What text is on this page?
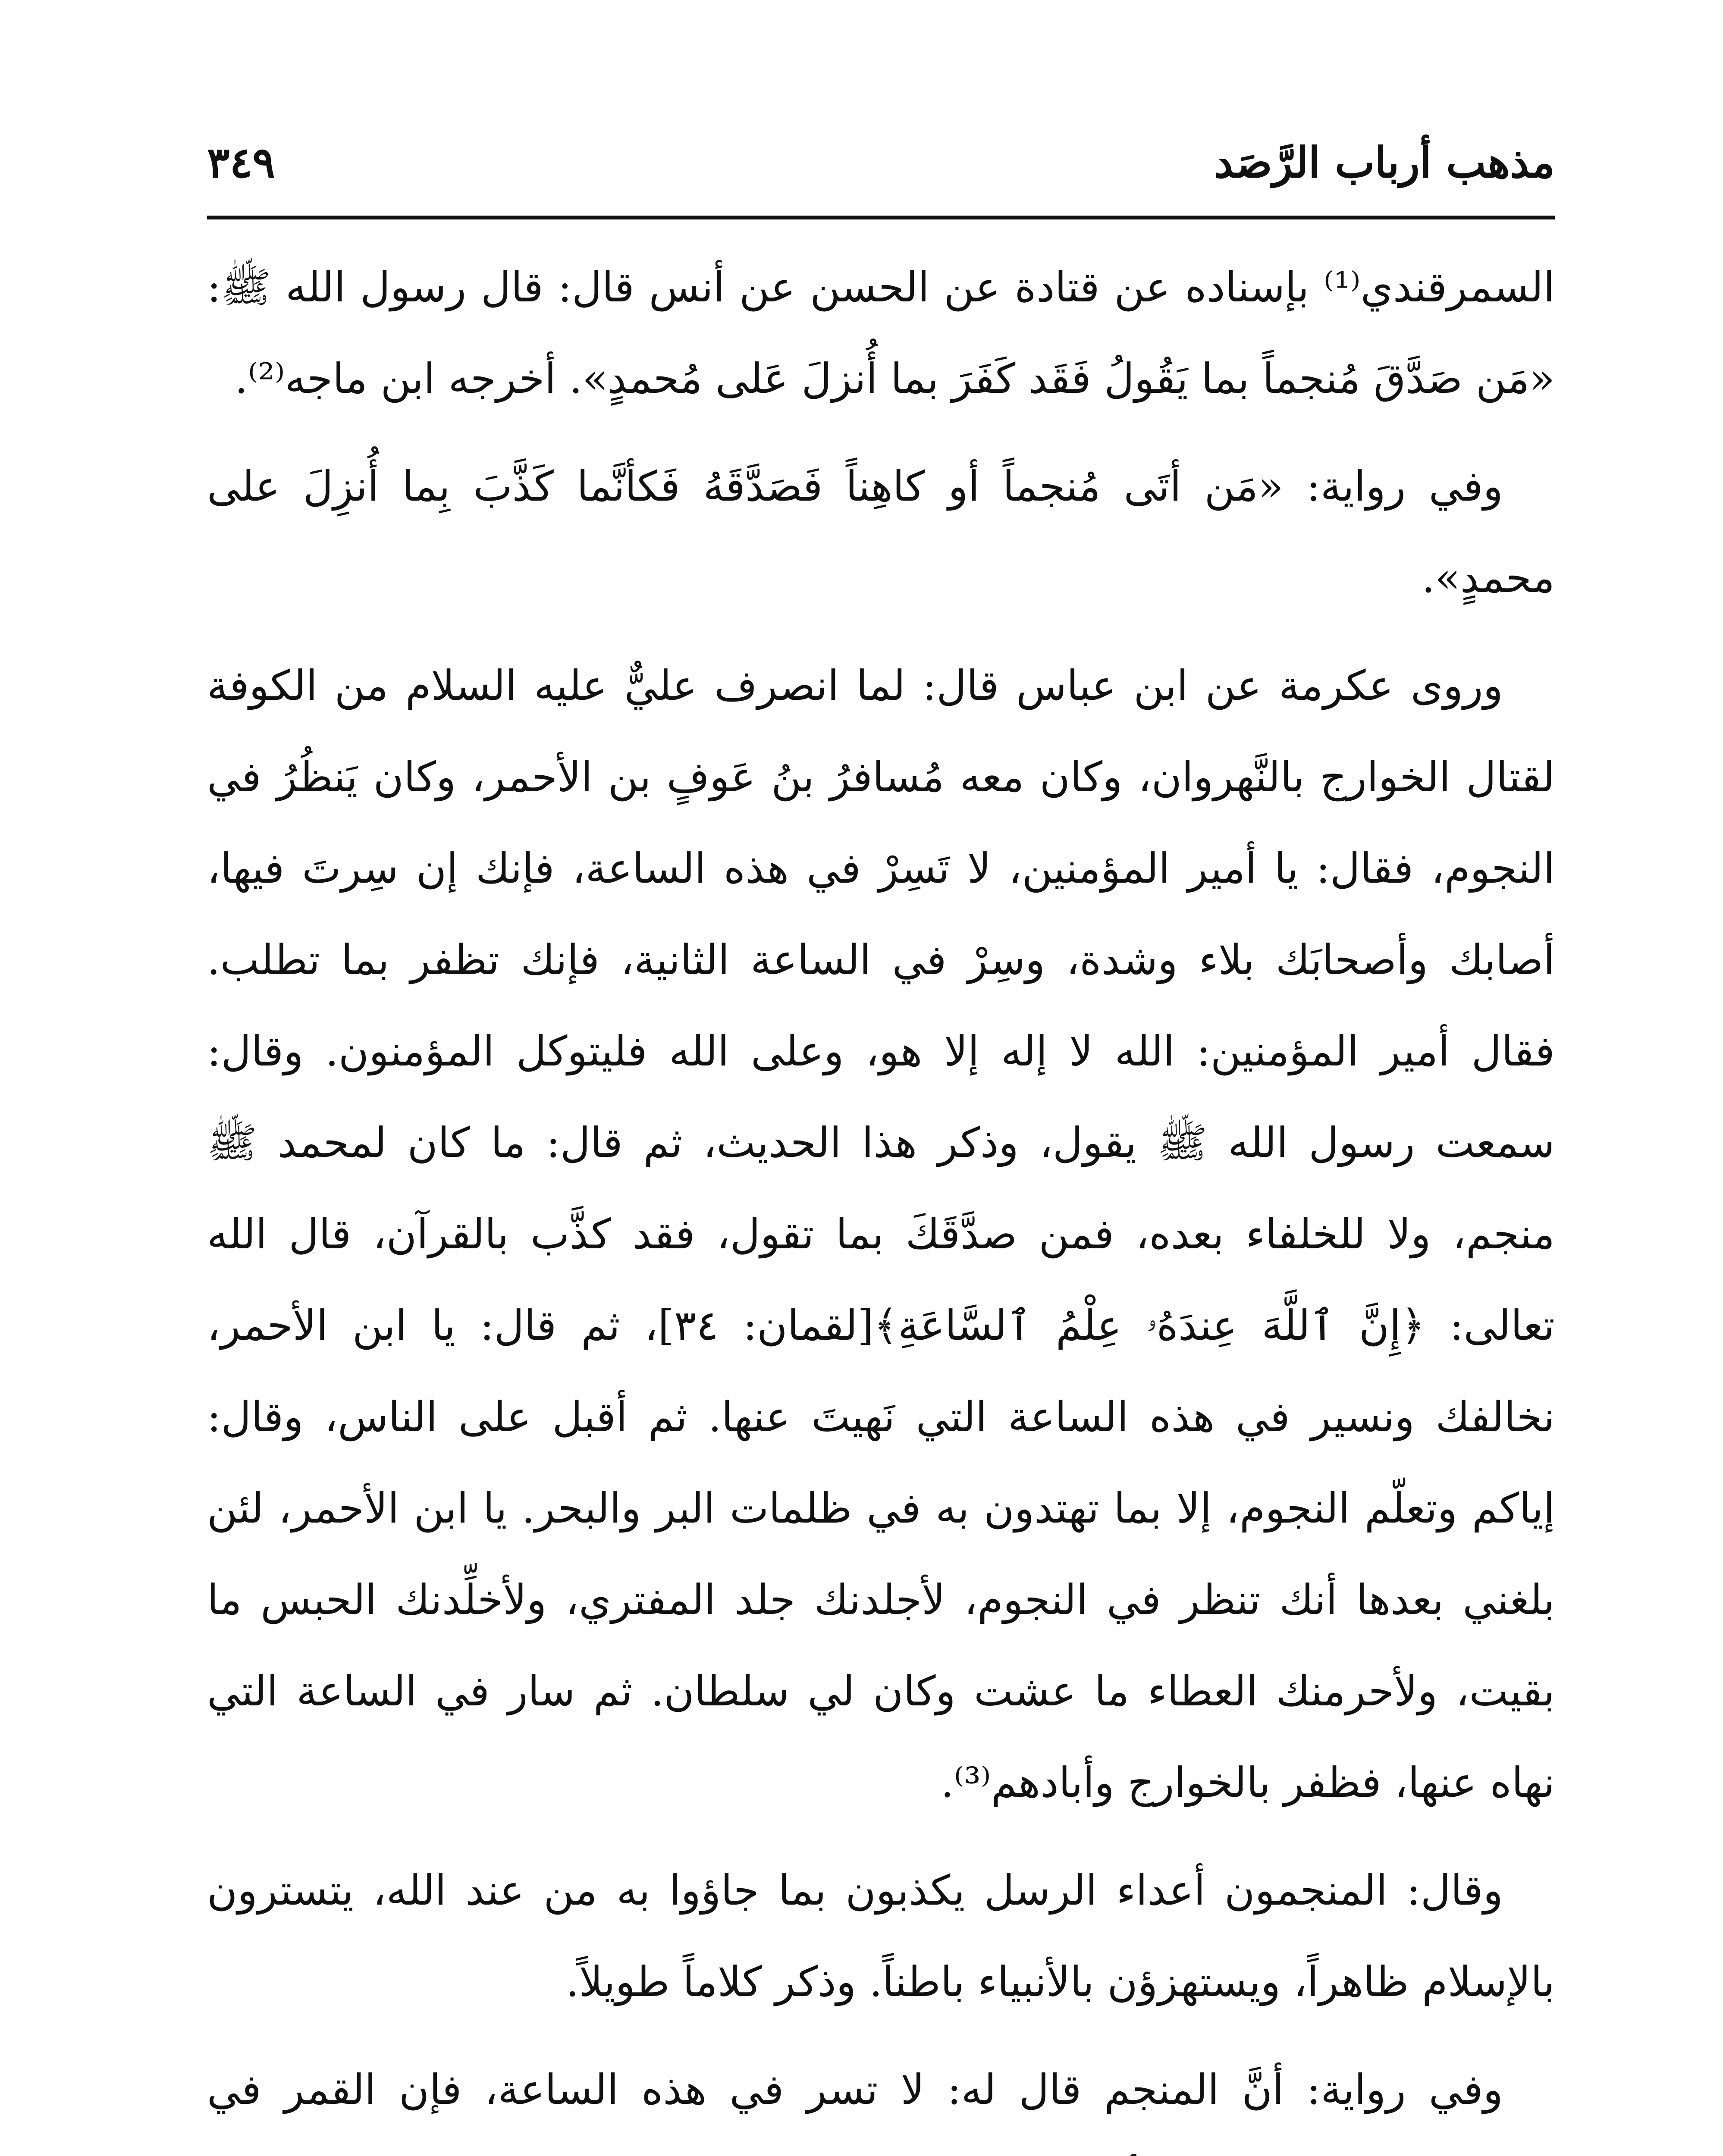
مذهب أرباب الرَّصَد
٣٤٩

السمرقندي⁽¹⁾ بإسناده عن قتادة عن الحسن عن أنس قال: قال رسول الله ﷺ: «مَن صَدَّقَ مُنجماً بما يَقُولُ فَقَد كَفَرَ بما أُنزلَ عَلى مُحمدٍ». أخرجه ابن ماجه⁽²⁾.

وفي رواية: «مَن أتَى مُنجماً أو كاهِناً فَصَدَّقَهُ فَكأنَّما كَذَّبَ بِما أُنزِلَ على محمدٍ».

وروى عكرمة عن ابن عباس قال: لما انصرف عليٌّ عليه السلام من الكوفة لقتال الخوارج بالنَّهروان، وكان معه مُسافرُ بنُ عَوفٍ بن الأحمر، وكان يَنظُرُ في النجوم، فقال: يا أمير المؤمنين، لا تَسِرْ في هذه الساعة، فإنك إن سِرتَ فيها، أصابك وأصحابَك بلاء وشدة، وسِرْ في الساعة الثانية، فإنك تظفر بما تطلب. فقال أمير المؤمنين: الله لا إله إلا هو، وعلى الله فليتوكل المؤمنون. وقال: سمعت رسول الله ﷺ يقول، وذكر هذا الحديث، ثم قال: ما كان لمحمد ﷺ منجم، ولا للخلفاء بعده، فمن صدَّقَكَ بما تقول، فقد كذَّب بالقرآن، قال الله تعالى: ﴿إِنَّ ٱللَّهَ عِندَهُۥ عِلْمُ ٱلسَّاعَةِ﴾[لقمان: ٣٤]، ثم قال: يا ابن الأحمر، نخالفك ونسير في هذه الساعة التي نَهيتَ عنها. ثم أقبل على الناس، وقال: إياكم وتعلّم النجوم، إلا بما تهتدون به في ظلمات البر والبحر. يا ابن الأحمر، لئن بلغني بعدها أنك تنظر في النجوم، لأجلدنك جلد المفتري، ولأخلِّدنك الحبس ما بقيت، ولأحرمنك العطاء ما عشت وكان لي سلطان. ثم سار في الساعة التي نهاه عنها، فظفر بالخوارج وأبادهم⁽³⁾.

وقال: المنجمون أعداء الرسل يكذبون بما جاؤوا به من عند الله، يتسترون بالإسلام ظاهراً، ويستهزؤن بالأنبياء باطناً. وذكر كلاماً طويلاً.

وفي رواية: أنَّ المنجم قال له: لا تسر في هذه الساعة، فإن القمر في
